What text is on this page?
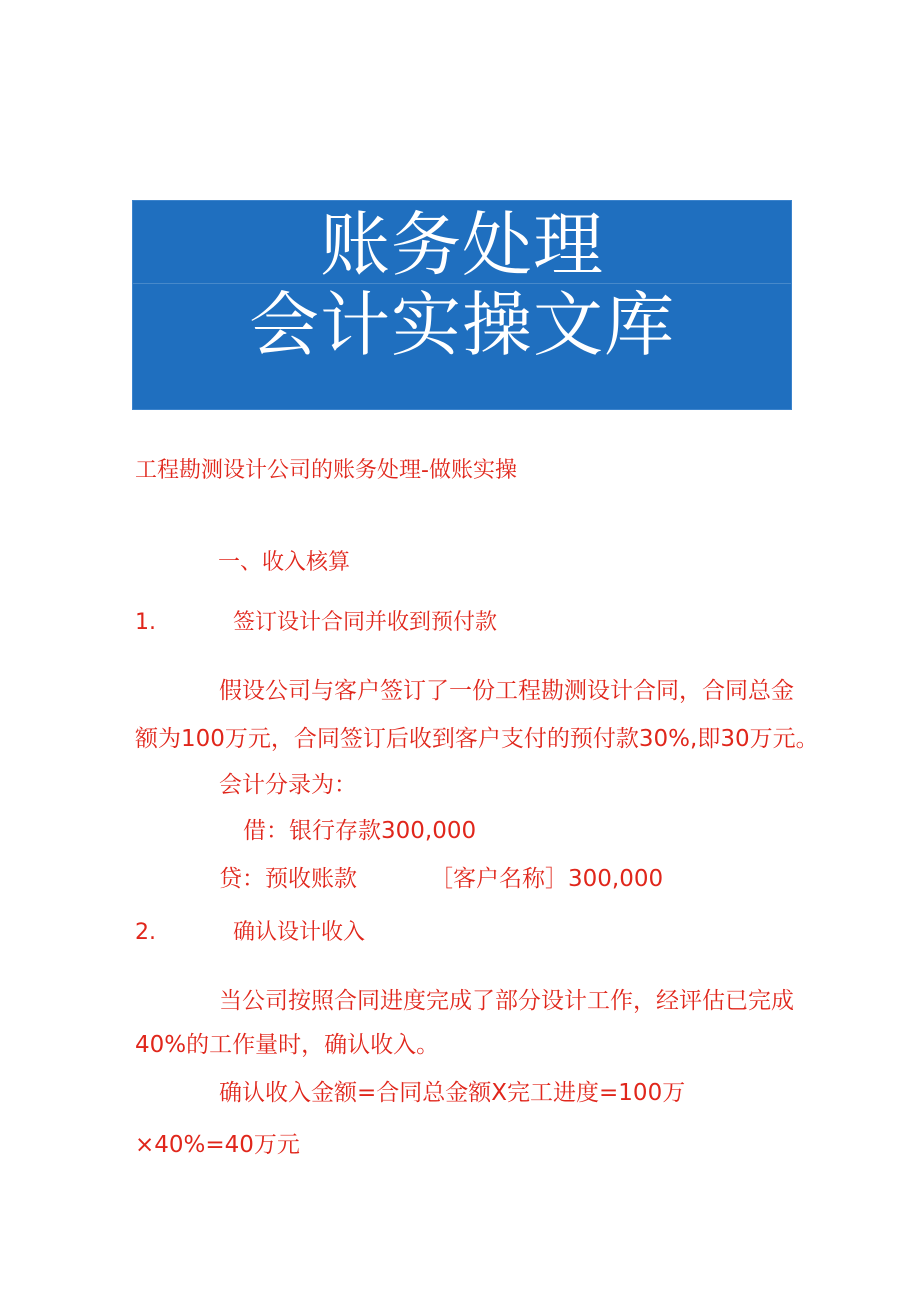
账务处理
会计实操文库
工程勘测设计公司的账务处理-做账实操
一、收入核算
1.	签订设计合同并收到预付款
假设公司与客户签订了一份工程勘测设计合同，合同总金
额为100万元，合同签订后收到客户支付的预付款30%,即30万元。
会计分录为：
借：银行存款300,000
贷：预收账款	［客户名称］300,000
2.	确认设计收入
当公司按照合同进度完成了部分设计工作，经评估已完成
40%的工作量时，确认收入。
确认收入金额=合同总金额X完工进度=100万
×40%=40万元
